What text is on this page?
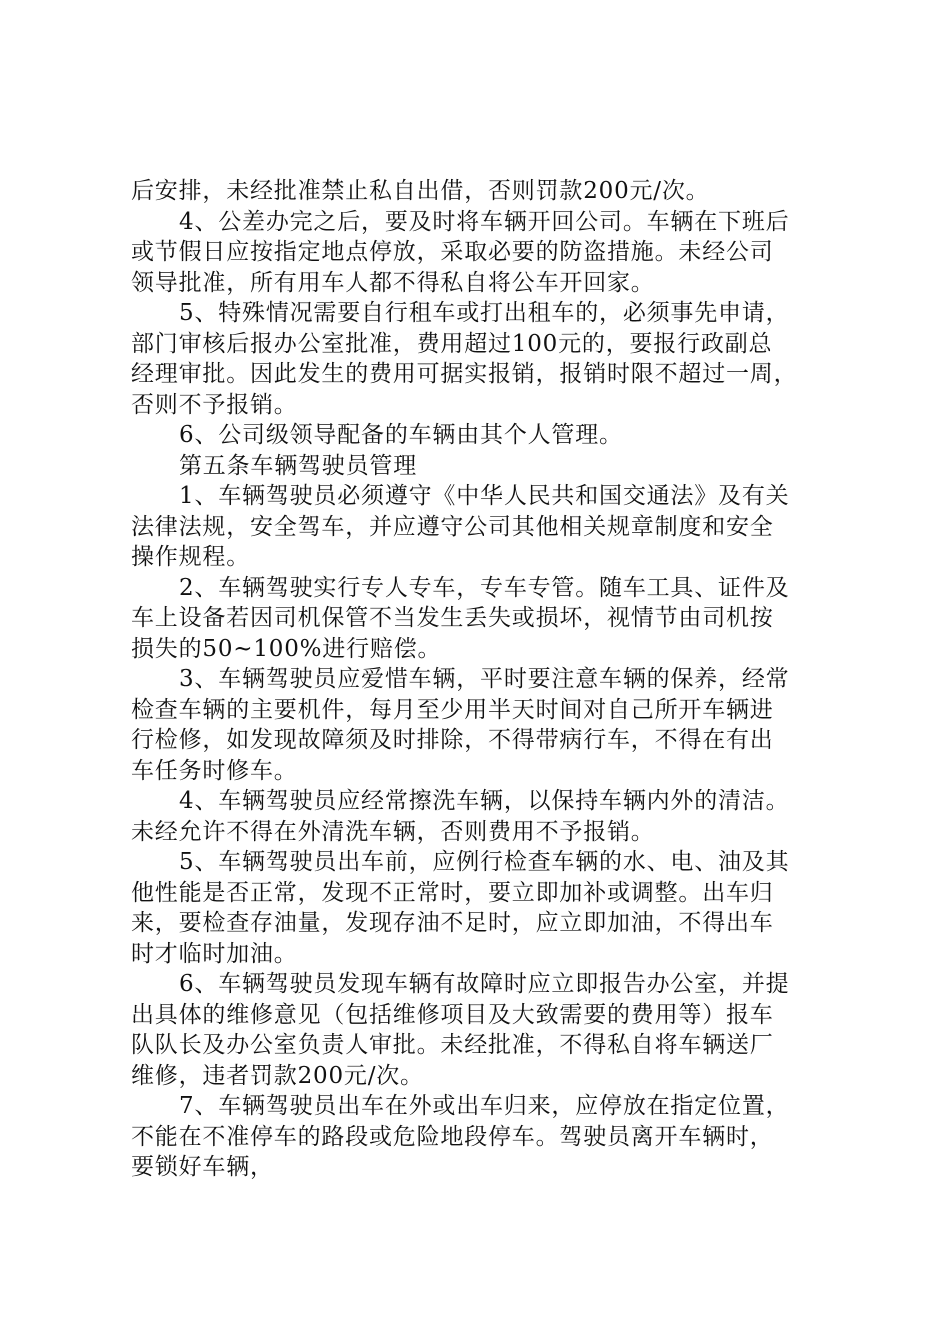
后安排，未经批准禁止私自出借，否则罚款200元/次。
4、公差办完之后，要及时将车辆开回公司。车辆在下班后
或节假日应按指定地点停放，采取必要的防盗措施。未经公司
领导批准，所有用车人都不得私自将公车开回家。
5、特殊情况需要自行租车或打出租车的，必须事先申请，
部门审核后报办公室批准，费用超过100元的，要报行政副总
经理审批。因此发生的费用可据实报销，报销时限不超过一周，
否则不予报销。
6、公司级领导配备的车辆由其个人管理。
第五条车辆驾驶员管理
1、车辆驾驶员必须遵守《中华人民共和国交通法》及有关
法律法规，安全驾车，并应遵守公司其他相关规章制度和安全
操作规程。
2、车辆驾驶实行专人专车，专车专管。随车工具、证件及
车上设备若因司机保管不当发生丢失或损坏，视情节由司机按
损失的50~100%进行赔偿。
3、车辆驾驶员应爱惜车辆，平时要注意车辆的保养，经常
检查车辆的主要机件，每月至少用半天时间对自己所开车辆进
行检修，如发现故障须及时排除，不得带病行车，不得在有出
车任务时修车。
4、车辆驾驶员应经常擦洗车辆，以保持车辆内外的清洁。
未经允许不得在外清洗车辆，否则费用不予报销。
5、车辆驾驶员出车前，应例行检查车辆的水、电、油及其
他性能是否正常，发现不正常时，要立即加补或调整。出车归
来，要检查存油量，发现存油不足时，应立即加油，不得出车
时才临时加油。
6、车辆驾驶员发现车辆有故障时应立即报告办公室，并提
出具体的维修意见（包括维修项目及大致需要的费用等）报车
队队长及办公室负责人审批。未经批准，不得私自将车辆送厂
维修，违者罚款200元/次。
7、车辆驾驶员出车在外或出车归来，应停放在指定位置，
不能在不准停车的路段或危险地段停车。驾驶员离开车辆时，
要锁好车辆，
